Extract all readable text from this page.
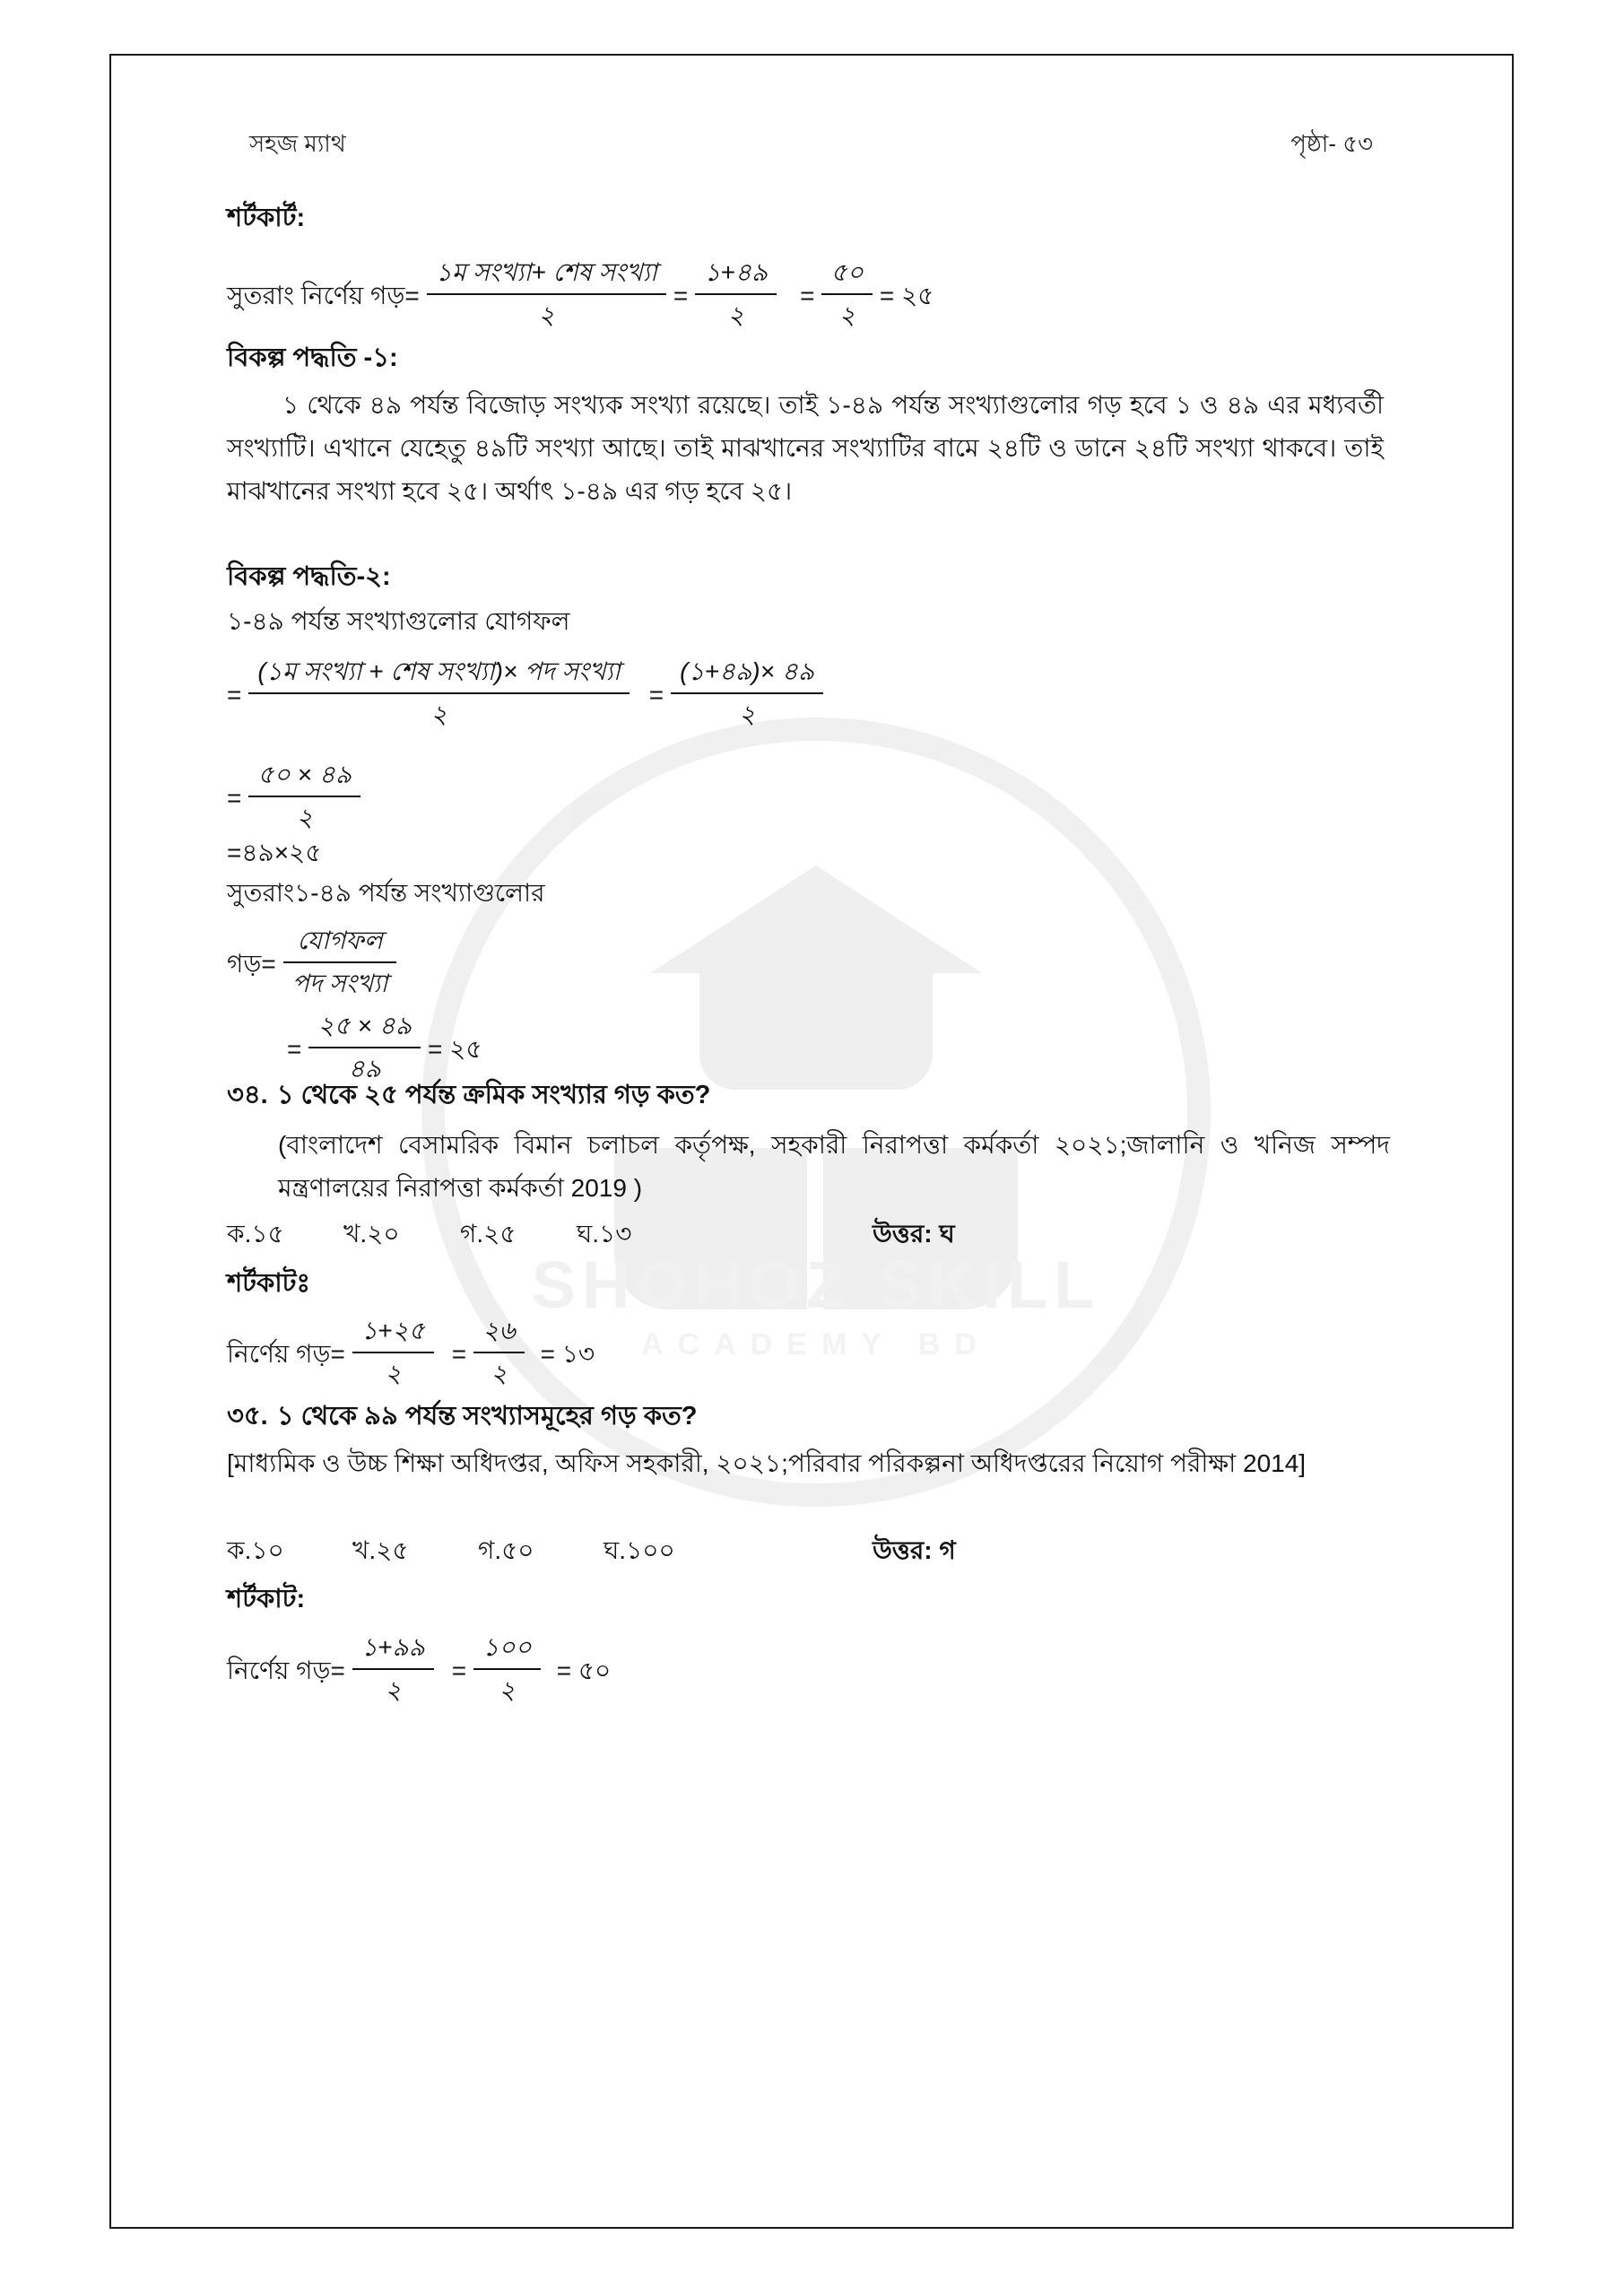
SHOHOZ SKILL
ACADEMY BD
সহজ ম্যাথ	পৃষ্ঠা- ৫৩
শর্টকার্ট:
সুতরাং নির্ণেয় গড়= $\frac{\text{১ম সংখ্যা+ শেষ সংখ্যা}}{২} = \frac{১+৪৯}{২} = \frac{৫০}{২}$ = ২৫
বিকল্প পদ্ধতি -১:
১ থেকে ৪৯ পর্যন্ত বিজোড় সংখ্যক সংখ্যা রয়েছে। তাই ১-৪৯ পর্যন্ত সংখ্যাগুলোর গড় হবে ১ ও ৪৯ এর মধ্যবর্তী সংখ্যাটি। এখানে যেহেতু ৪৯টি সংখ্যা আছে। তাই মাঝখানের সংখ্যাটির বামে ২৪টি ও ডানে ২৪টি সংখ্যা থাকবে। তাই মাঝখানের সংখ্যা হবে ২৫। অর্থাৎ ১-৪৯ এর গড় হবে ২৫।
বিকল্প পদ্ধতি-২:
১-৪৯ পর্যন্ত সংখ্যাগুলোর যোগফল
= $\frac{\text{(১ম সংখ্যা + শেষ সংখ্যা)× পদ সংখ্যা}}{২} = \frac{(১+৪৯)\times ৪৯}{২}$
= $\frac{৫০ \times ৪৯}{২}$
=৪৯×২৫
সুতরাং১-৪৯ পর্যন্ত সংখ্যাগুলোর
গড়= $\frac{\text{যোগফল}}{\text{পদ সংখ্যা}}$
= $\frac{২৫ \times ৪৯}{৪৯}$ = ২৫
৩৪. ১ থেকে ২৫ পর্যন্ত ক্রমিক সংখ্যার গড় কত?
(বাংলাদেশ বেসামরিক বিমান চলাচল কর্তৃপক্ষ, সহকারী নিরাপত্তা কর্মকর্তা ২০২১;জালানি ও খনিজ সম্পদ মন্ত্রণালয়ের নিরাপত্তা কর্মকর্তা 2019 )
ক.১৫	খ.২০	গ.২৫	ঘ.১৩	উত্তর: ঘ
শর্টকাটঃ
নির্ণেয় গড়= $\frac{১+২৫}{২} = \frac{২৬}{২}$ = ১৩
৩৫. ১ থেকে ৯৯ পর্যন্ত সংখ্যাসমূহের গড় কত?
[মাধ্যমিক ও উচ্চ শিক্ষা অধিদপ্তর, অফিস সহকারী, ২০২১;পরিবার পরিকল্পনা অধিদপ্তরের নিয়োগ পরীক্ষা 2014]
ক.১০	খ.২৫	গ.৫০	ঘ.১০০	উত্তর: গ
শর্টকাট:
নির্ণেয় গড়= $\frac{১+৯৯}{২} = \frac{১০০}{২}$ = ৫০
